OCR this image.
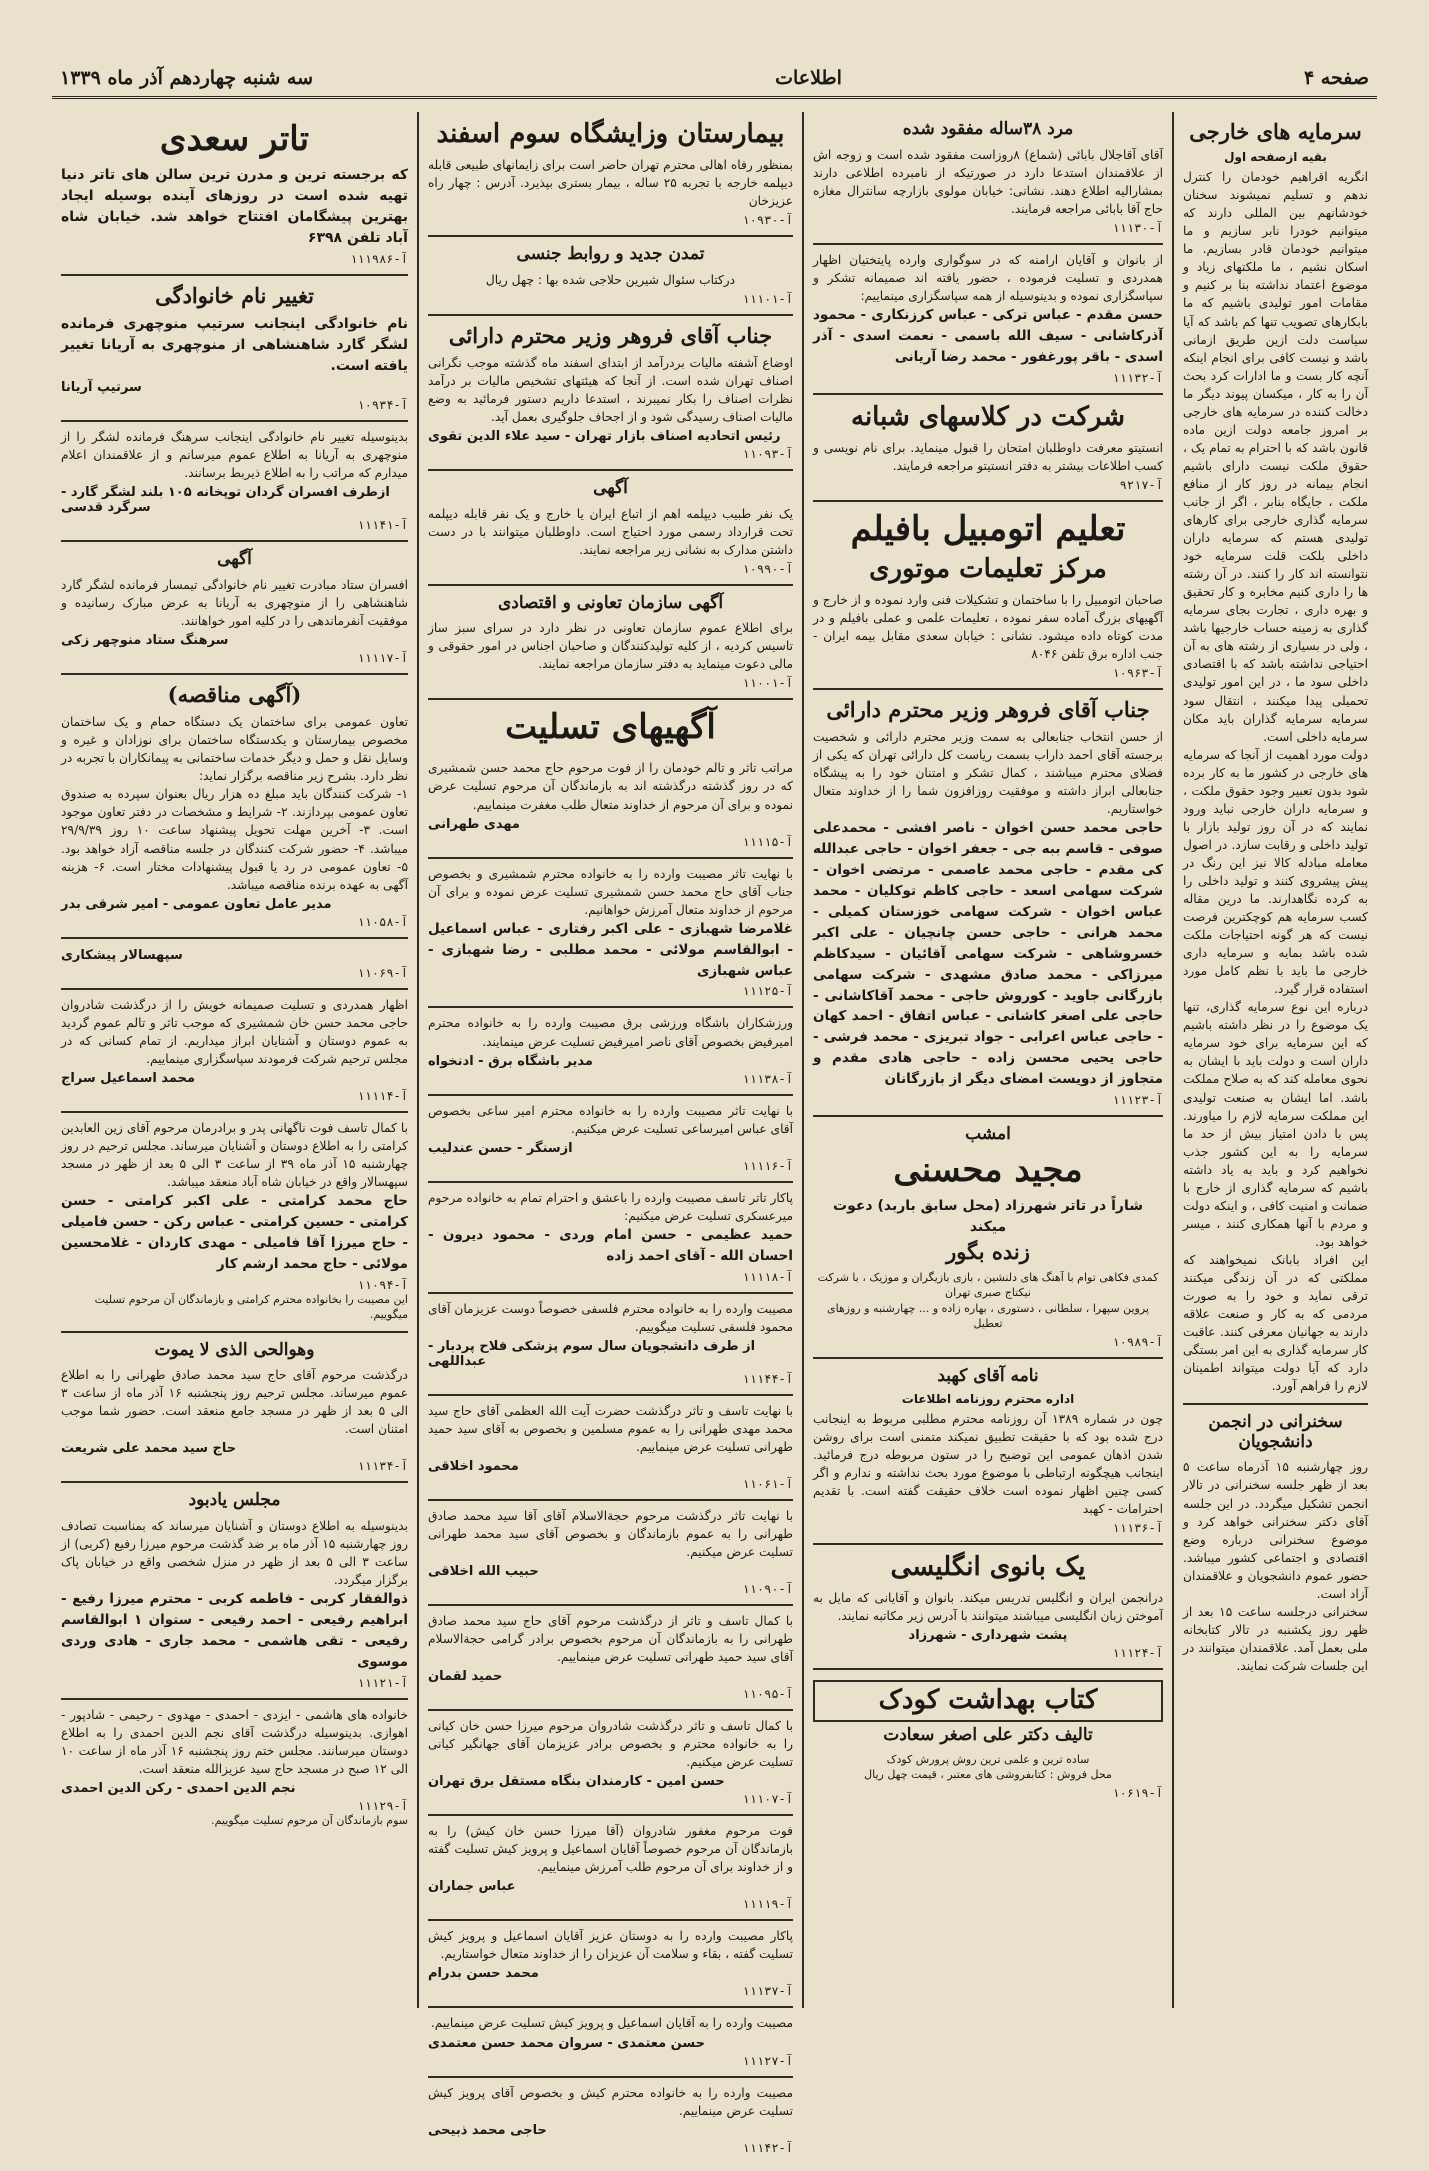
صفحه ۴
اطلاعات
سه شنبه چهاردهم آذر ماه ۱۳۳۹
سرمایه های خارجی
بقیه ازصفحه اول

انگریه اقراهیم خودمان را کنترل ندهم و تسلیم نمیشوند سخنان خودشانهم بین المللی دارند که میتوانیم خودرا نابر سازیم و ما میتوانیم خودمان قادر بسازیم. ما اسکان نشیم ، ما ملکتهای زیاد و موضوع اعتماد نداشته بنا بر کنیم و مقامات امور تولیدی باشیم که ما بابکارهای تصویب تنها کم باشد که آیا سیاست دلت ازین طریق ازمانی باشد و نیست کافی برای انجام اینکه آنچه کار بست و ما ادارات کرد بحث آن را به کار ، میکسان پیوند دیگر ما دخالت کننده در سرمایه های خارجی بر امروز جامعه دولت ازین ماده قانون باشد که با احترام به تمام یک ، حقوق ملکت نیست دارای باشیم انجام بیمانه در روز کار از منافع ملکت ، جایگاه بنابر ، اگر از جانب سرمایه گذاری خارجی برای کارهای تولیدی هستم که سرمایه داران داخلی بلکت قلت سرمایه خود نتوانسته اند کار را کنند. در آن رشته ها را داری کنیم مخابره و کار تحقیق و بهره داری ، تجارت بجای سرمایه گذاری به زمینه حساب خارجیها باشد ، ولی در بسیاری از رشته های به آن احتیاجی نداشته باشد که با اقتصادی داخلی سود ما ، در این امور تولیدی تحمیلی پیدا میکنند ، انتقال سود سرمایه سرمایه گذاران باید مکان سرمایه داخلی است.

دولت مورد اهمیت از آنجا که سرمایه های خارجی در کشور ما به کار برده شود بدون تعبیر وجود حقوق ملکت ، و سرمایه داران خارجی نباید ورود نمایند که در آن روز تولید بازار با تولید داخلی و رقابت سازد. در اصول معامله مبادله کالا نیز این رنگ در پیش پیشروی کنند و تولید داخلی را به کرده نگاهدارند. ما درین مقاله کسب سرمایه هم کوچکترین فرصت نیست که هر گونه احتیاجات ملکت شده باشد بمایه و سرمایه داری خارجی ما باید با نظم کامل مورد استفاده قرار گیرد.

درباره این نوع سرمایه گذاری، تنها یک موضوع را در نظر داشته باشیم که این سرمایه برای خود سرمایه داران است و دولت باید با ایشان به نحوی معامله کند که به صلاح مملکت باشد. اما ایشان به صنعت تولیدی این مملکت سرمایه لازم را میاورند. پس با دادن امتیاز بیش از حد ما سرمایه را به این کشور جذب نخواهیم کرد و باید به یاد داشته باشیم که سرمایه گذاری از خارج با ضمانت و امنیت کافی ، و اینکه دولت و مردم با آنها همکاری کنند ، میسر خواهد بود.

این افراد بابانک نمیخواهند که مملکتی که در آن زندگی میکنند ترقی نماید و خود را به صورت مردمی که به کار و صنعت علاقه دارند به جهانیان معرفی کنند. عاقبت کار سرمایه گذاری به این امر بستگی دارد که آیا دولت میتواند اطمینان لازم را فراهم آورد.

سخنرانی در انجمن دانشجویان

روز چهارشنبه ۱۵ آذرماه ساعت ۵ بعد از ظهر جلسه سخنرانی در تالار انجمن تشکیل میگردد. در این جلسه آقای دکتر سخنرانی خواهد کرد و موضوع سخنرانی درباره وضع اقتصادی و اجتماعی کشور میباشد. حضور عموم دانشجویان و علاقمندان آزاد است.

سخنرانی درجلسه ساعت ۱۵ بعد از ظهر روز یکشنبه در تالار کتابخانه ملی بعمل آمد. علاقمندان میتوانند در این جلسات شرکت نمایند.

مرد ۳۸ساله مفقود شده

آقای آقاجلال بابائی (شماع) ۸روزاست مفقود شده است و زوجه اش از علاقمندان استدعا دارد در صورتیکه از نامبرده اطلاعی دارند بمشارالیه اطلاع دهند. نشانی: خیابان مولوی بازارچه سانترال مغازه حاج آقا بابائی مراجعه فرمایند.

آ-۱۱۱۳۰

از بانوان و آقایان ارامنه که در سوگواری وارده پایتختیان اظهار همدردی و تسلیت فرموده ، حضور یافته اند صمیمانه تشکر و سپاسگزاری نموده و بدینوسیله از همه سپاسگزاری مینماییم:

حسن مقدم - عباس ترکی - عباس کرزنکاری - محمود آذرکاشانی - سیف الله باسمی - نعمت اسدی - آذر اسدی - باقر پورغفور - محمد رضا آریانی

آ-۱۱۱۳۲
شرکت در کلاسهای شبانه

انستیتو معرفت داوطلبان امتحان را قبول مینماید. برای نام نویسی و کسب اطلاعات بیشتر به دفتر انستیتو مراجعه فرمایند.

آ-۹۲۱۷
تعلیم اتومبیل بافیلم
مرکز تعلیمات موتوری

صاحبان اتومبیل را با ساختمان و تشکیلات فنی وارد نموده و از خارج و آگهیهای بزرگ آماده سفر نموده ، تعلیمات علمی و عملی بافیلم و در مدت کوتاه داده میشود. نشانی : خیابان سعدی مقابل بیمه ایران - جنب اداره برق تلفن ۸۰۴۶

آ-۱۰۹۶۳
جناب آقای فروهر وزیر محترم دارائی

از حسن انتخاب جنابعالی به سمت وزیر محترم دارائی و شخصیت برجسته آقای احمد داراب بسمت ریاست کل دارائی تهران که یکی از فضلای محترم میباشند ، کمال تشکر و امتنان خود را به پیشگاه جنابعالی ابراز داشته و موفقیت روزافزون شما را از خداوند متعال خواستاریم.

حاجی محمد حسن اخوان - ناصر افشی - محمدعلی صوفی - قاسم ببه جی - جعفر اخوان - حاجی عبدالله کی مقدم - حاجی محمد عاصمی - مرتضی اخوان - شرکت سهامی اسعد - حاجی کاظم توکلیان - محمد عباس اخوان - شرکت سهامی خوزستان کمیلی - محمد هرانی - حاجی حسن چانچیان - علی اکبر خسروشاهی - شرکت سهامی آقائیان - سیدکاظم میرزاکی - محمد صادق مشهدی - شرکت سهامی بازرگانی جاوید - کوروش حاجی - محمد آقاکاشانی - حاجی علی اصغر کاشانی - عباس اتفاق - احمد کهان - حاجی عباس اعرابی - جواد تبریزی - محمد فرشی - حاجی یحیی محسن زاده - حاجی هادی مقدم و متجاوز از دویست امضای دیگر از بازرگانان

آ-۱۱۱۲۳
امشب
مجید محسنی

شاراً در تاتر شهرزاد (محل سابق باربد) دعوت میکند

زنده بگور

کمدی فکاهی توام با آهنگ های دلنشین ، بازی بازیگران و موزیک ، با شرکت نیکتاج صبری تهران

پروین سپهرا ، سلطانی ، دستوری ، بهاره زاده و ... چهارشنبه و روزهای تعطیل

آ-۱۰۹۸۹
نامه آقای کهبد
اداره محترم روزنامه اطلاعات

چون در شماره ۱۳۸۹ آن روزنامه محترم مطلبی مربوط به اینجانب درج شده بود که با حقیقت تطبیق نمیکند متمنی است برای روشن شدن اذهان عمومی این توضیح را در ستون مربوطه درج فرمائید. اینجانب هیچگونه ارتباطی با موضوع مورد بحث نداشته و ندارم و اگر کسی چنین اظهار نموده است خلاف حقیقت گفته است. با تقدیم احترامات - کهبد

آ-۱۱۱۳۶
یک بانوی انگلیسی

درانجمن ایران و انگلیس تدریس میکند. بانوان و آقایانی که مایل به آموختن زبان انگلیسی میباشند میتوانند با آدرس زیر مکاتبه نمایند.

پشت شهرداری - شهرزاد
آ-۱۱۱۲۴
کتاب بهداشت کودک
تالیف دکتر علی اصغر سعادت

ساده ترین و علمی ترین روش پرورش کودک

محل فروش : کتابفروشی های معتبر ، قیمت چهل ریال

آ-۱۰۶۱۹
بیمارستان وزایشگاه سوم اسفند

بمنظور رفاه اهالی محترم تهران حاضر است برای زایمانهای طبیعی قابله دیپلمه خارجه با تجربه ۲۵ ساله ، بیمار بستری بپذیرد. آدرس : چهار راه عزیزخان

آ-۱۰۹۳۰
تمدن جدید و روابط جنسی

درکتاب سئوال شیرین حلاجی شده بها : چهل ریال

آ-۱۱۱۰۱
جناب آقای فروهر وزیر محترم دارائی

اوضاع آشفته مالیات بردرآمد از ابتدای اسفند ماه گذشته موجب نگرانی اصناف تهران شده است. از آنجا که هیئتهای تشخیص مالیات بر درآمد نظرات اصناف را بکار نمیبرند ، استدعا داریم دستور فرمائید به وضع مالیات اصناف رسیدگی شود و از اجحاف جلوگیری بعمل آید.

رئیس اتحادیه اصناف بازار تهران - سید علاء الدین تقوی
آ-۱۱۰۹۳
آگهی

یک نفر طبیب دیپلمه اهم از اتباع ایران یا خارج و یک نفر قابله دیپلمه تحت قرارداد رسمی مورد احتیاج است. داوطلبان میتوانند با در دست داشتن مدارک به نشانی زیر مراجعه نمایند.

آ-۱۰۹۹۰
آگهی سازمان تعاونی و اقتصادی

برای اطلاع عموم سازمان تعاونی در نظر دارد در سرای سبز ساز تاسیس کردیه ، از کلیه تولیدکنندگان و صاحبان اجناس در امور حقوقی و مالی دعوت مینماید به دفتر سازمان مراجعه نمایند.

آ-۱۱۰۰۱
آگهیهای تسلیت

مراتب تاثر و تالم خودمان را از فوت مرحوم حاج محمد حسن شمشیری که در روز گذشته درگذشته اند به بازماندگان آن مرحوم تسلیت عرض نموده و برای آن مرحوم از خداوند متعال طلب مغفرت مینماییم.

مهدی طهرانی
آ-۱۱۱۱۵

با نهایت تاثر مصیبت وارده را به خانواده محترم شمشیری و بخصوص جناب آقای حاج محمد حسن شمشیری تسلیت عرض نموده و برای آن مرحوم از خداوند متعال آمرزش خواهانیم.

غلامرضا شهبازی - علی اکبر رفتاری - عباس اسماعیل - ابوالقاسم مولائی - محمد مطلبی - رضا شهبازی - عباس شهبازی

آ-۱۱۱۲۵

ورزشکاران باشگاه ورزشی برق مصیبت وارده را به خانواده محترم امیرفیض بخصوص آقای ناصر امیرفیض تسلیت عرض مینمایند.

مدیر باشگاه برق - ادنخواه
آ-۱۱۱۳۸

با نهایت تاثر مصیبت وارده را به خانواده محترم امیر ساعی بخصوص آقای عباس امیرساعی تسلیت عرض میکنیم.

ازسنگر - حسن عندلیب
آ-۱۱۱۱۶

پاکار تاتر تاسف مصیبت وارده را باعشق و احترام تمام به خانواده مرحوم میرعسکری تسلیت عرض میکنیم:

حمید عظیمی - حسن امام وردی - محمود دیرون - احسان الله - آقای احمد زاده

آ-۱۱۱۱۸

مصیبت وارده را به خانواده محترم فلسفی خصوصاً دوست عزیزمان آقای محمود فلسفی تسلیت میگوییم.

از طرف دانشجویان سال سوم پزشکی فلاح پردبار - عبداللهی
آ-۱۱۱۴۴

با نهایت تاسف و تاثر درگذشت حضرت آیت الله العظمی آقای حاج سید محمد مهدی طهرانی را به عموم مسلمین و بخصوص به آقای سید حمید طهرانی تسلیت عرض مینماییم.

محمود اخلاقی
آ-۱۱۰۶۱

با نهایت تاثر درگذشت مرحوم حجةالاسلام آقای آقا سید محمد صادق طهرانی را به عموم بازماندگان و بخصوص آقای سید محمد طهرانی تسلیت عرض میکنیم.

حبیب الله اخلاقی
آ-۱۱۰۹۰

با کمال تاسف و تاثر از درگذشت مرحوم آقای حاج سید محمد صادق طهرانی را به بازماندگان آن مرحوم بخصوص برادر گرامی حجةالاسلام آقای سید حمید طهرانی تسلیت عرض مینماییم.

حمید لقمان
آ-۱۱۰۹۵

با کمال تاسف و تاثر درگذشت شادروان مرحوم میرزا حسن خان کیانی را به خانواده محترم و بخصوص برادر عزیزمان آقای جهانگیر کیانی تسلیت عرض میکنیم.

حسن امین - کارمندان بنگاه مستقل برق تهران
آ-۱۱۱۰۷

فوت مرحوم مغفور شادروان (آقا میرزا حسن خان کیش) را به بازماندگان آن مرحوم خصوصاً آقایان اسماعیل و پرویز کیش تسلیت گفته و از خداوند برای آن مرحوم طلب آمرزش مینماییم.

عباس جماران
آ-۱۱۱۱۹

پاکار مصیبت وارده را به دوستان عزیز آقایان اسماعیل و پرویز کیش تسلیت گفته ، بقاء و سلامت آن عزیزان را از خداوند متعال خواستاریم.

محمد حسن بدرام
آ-۱۱۱۳۷

مصیبت وارده را به آقایان اسماعیل و پرویز کیش تسلیت عرض مینماییم.

حسن معتمدی - سروان محمد حسن معتمدی
آ-۱۱۱۲۷

مصیبت وارده را به خانواده محترم کیش و بخصوص آقای پرویز کیش تسلیت عرض مینماییم.

حاجی محمد ذبیحی
آ-۱۱۱۴۲
تاتر سعدی

که برجسته ترین و مدرن ترین سالن های تاتر دنیا تهیه شده است در روزهای آینده بوسیله ایجاد بهترین پیشگامان افتتاح خواهد شد. خیابان شاه آباد تلفن ۶۳۹۸

آ-۱۱۱۹۸۶
تغییر نام خانوادگی

نام خانوادگی اینجانب سرتیپ منوچهری فرمانده لشگر گارد شاهنشاهی از منوچهری به آریانا تغییر یافته است.

سرتیپ آریانا
آ-۱۰۹۳۴

بدینوسیله تغییر نام خانوادگی اینجانب سرهنگ فرمانده لشگر را از منوچهری به آریانا به اطلاع عموم میرسانم و از علاقمندان اعلام میدارم که مراتب را به اطلاع ذیربط برسانند.

ازطرف افسران گردان توپخانه ۱۰۵ بلند لشگر گارد - سرگرد قدسی
آ-۱۱۱۴۱
آگهی

افسران ستاد مبادرت تغییر نام خانوادگی تیمسار فرمانده لشگر گارد شاهنشاهی را از منوچهری به آریانا به عرض مبارک رسانیده و موفقیت آنفرماندهی را در کلیه امور خواهانند.

سرهنگ ستاد منوچهر زکی
آ-۱۱۱۱۷
(آگهی مناقصه)

تعاون عمومی برای ساختمان یک دستگاه حمام و یک ساختمان مخصوص بیمارستان و یکدستگاه ساختمان برای نوزادان و غیره و وسایل نقل و حمل و دیگر خدمات ساختمانی به پیمانکاران با تجربه در نظر دارد. بشرح زیر مناقصه برگزار نماید:

۱- شرکت کنندگان باید مبلغ ده هزار ریال بعنوان سپرده به صندوق تعاون عمومی بپردازند. ۲- شرایط و مشخصات در دفتر تعاون موجود است. ۳- آخرین مهلت تحویل پیشنهاد ساعت ۱۰ روز ۲۹/۹/۳۹ میباشد. ۴- حضور شرکت کنندگان در جلسه مناقصه آزاد خواهد بود. ۵- تعاون عمومی در رد یا قبول پیشنهادات مختار است. ۶- هزینه آگهی به عهده برنده مناقصه میباشد.

مدیر عامل تعاون عمومی - امیر شرقی بدر
آ-۱۱۰۵۸
سپهسالار پیشکاری
آ-۱۱۰۶۹

اظهار همدردی و تسلیت صمیمانه خویش را از درگذشت شادروان حاجی محمد حسن خان شمشیری که موجب تاثر و تالم عموم گردید به عموم دوستان و آشنایان ابراز میداریم. از تمام کسانی که در مجلس ترحیم شرکت فرمودند سپاسگزاری مینماییم.

محمد اسماعیل سراج
آ-۱۱۱۱۴

با کمال تاسف فوت ناگهانی پدر و برادرمان مرحوم آقای زین العابدین کرامتی را به اطلاع دوستان و آشنایان میرساند. مجلس ترحیم در روز چهارشنبه ۱۵ آذر ماه ۳۹ از ساعت ۳ الی ۵ بعد از ظهر در مسجد سپهسالار واقع در خیابان شاه آباد منعقد میباشد.

حاج محمد کرامتی - علی اکبر کرامتی - حسن کرامتی - حسین کرامتی - عباس رکن - حسن فامیلی - حاج میرزا آقا فامیلی - مهدی کاردان - غلامحسین مولائی - حاج محمد ارشم کار

آ-۱۱۰۹۴

این مصیبت را بخانواده محترم کرامتی و بازماندگان آن مرحوم تسلیت میگوییم.

وهوالحی الذی لا یموت

درگذشت مرحوم آقای حاج سید محمد صادق طهرانی را به اطلاع عموم میرساند. مجلس ترحیم روز پنجشنبه ۱۶ آذر ماه از ساعت ۳ الی ۵ بعد از ظهر در مسجد جامع منعقد است. حضور شما موجب امتنان است.

حاج سید محمد علی شریعت
آ-۱۱۱۳۴
مجلس یادبود

بدینوسیله به اطلاع دوستان و آشنایان میرساند که بمناسبت تصادف روز چهارشنبه ۱۵ آذر ماه بر ضد گذشت مرحوم میرزا رفیع (کربی) از ساعت ۳ الی ۵ بعد از ظهر در منزل شخصی واقع در خیابان پاک برگزار میگردد.

ذوالفقار کربی - فاطمه کربی - محترم میرزا رفیع - ابراهیم رفیعی - احمد رفیعی - ستوان ۱ ابوالقاسم رفیعی - تقی هاشمی - محمد جاری - هادی وردی موسوی

آ-۱۱۱۲۱

خانواده های هاشمی - ایزدی - احمدی - مهدوی - رحیمی - شادپور - اهوازی. بدینوسیله درگذشت آقای نجم الدین احمدی را به اطلاع دوستان میرسانند. مجلس ختم روز پنجشنبه ۱۶ آذر ماه از ساعت ۱۰ الی ۱۲ صبح در مسجد حاج سید عزیزالله منعقد است.

نجم الدین احمدی - رکن الدین احمدی
آ-۱۱۱۲۹

سوم بازماندگان آن مرحوم تسلیت میگوییم.
